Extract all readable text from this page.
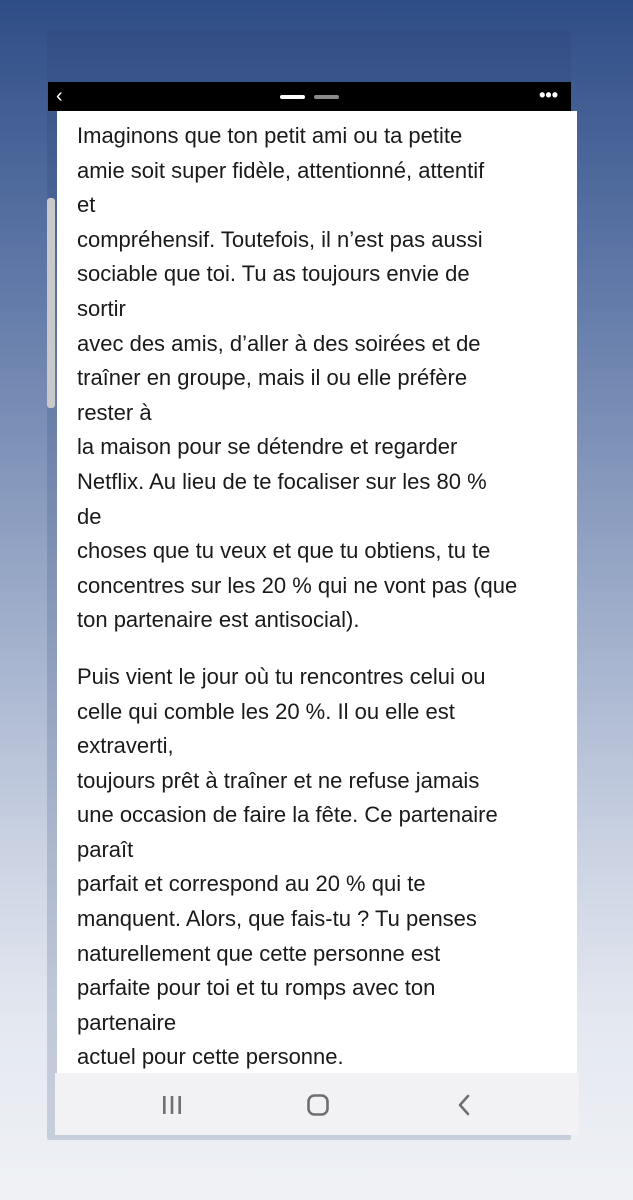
‹	•••

Imaginons que ton petit ami ou ta petite
amie soit super fidèle, attentionné, attentif
et
compréhensif. Toutefois, il n’est pas aussi
sociable que toi. Tu as toujours envie de
sortir
avec des amis, d’aller à des soirées et de
traîner en groupe, mais il ou elle préfère
rester à
la maison pour se détendre et regarder
Netflix. Au lieu de te focaliser sur les 80 %
de
choses que tu veux et que tu obtiens, tu te
concentres sur les 20 % qui ne vont pas (que
ton partenaire est antisocial).

Puis vient le jour où tu rencontres celui ou
celle qui comble les 20 %. Il ou elle est
extraverti,
toujours prêt à traîner et ne refuse jamais
une occasion de faire la fête. Ce partenaire
paraît
parfait et correspond au 20 % qui te
manquent. Alors, que fais-tu ? Tu penses
naturellement que cette personne est
parfaite pour toi et tu romps avec ton
partenaire
actuel pour cette personne.
